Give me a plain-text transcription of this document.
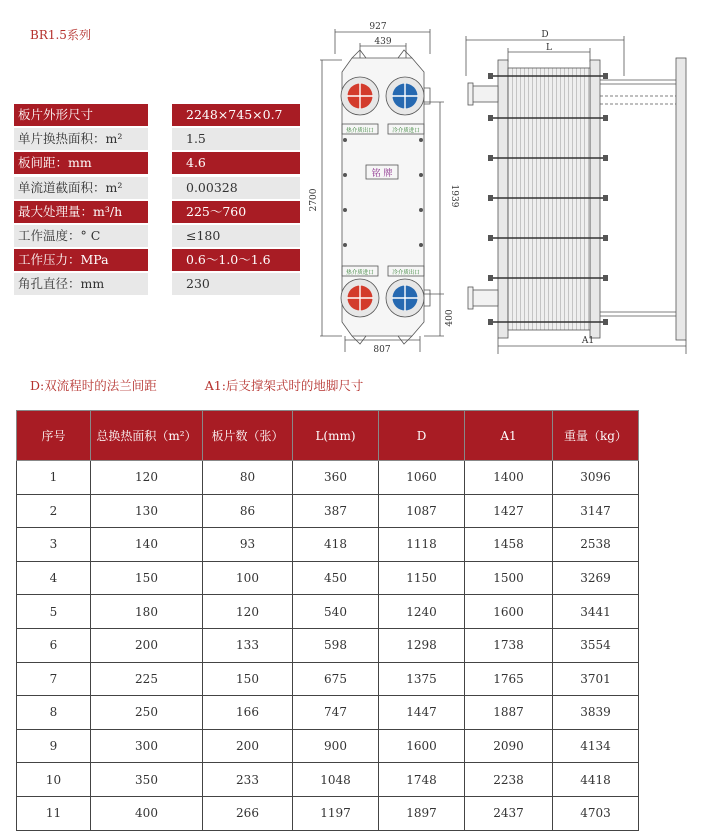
BR1.5系列
板片外形尺寸	2248×745×0.7
单片换热面积：m²	1.5
板间距：mm	4.6
单流道截面积：m²	0.00328
最大处理量：m³/h	225～760
工作温度：° C	≤180
工作压力：MPa	0.6～1.0～1.6
角孔直径：mm	230
927
439
2700	1939
400
807
铭 牌
热介质出口	冷介质进口
热介质进口	冷介质出口
D
L
A1
D:双流程时的法兰间距	A1:后支撑架式时的地脚尺寸
序号	总换热面积（m²）	板片数（张）	L(mm)	D	A1	重量（kg）
1	120	80	360	1060	1400	3096
2	130	86	387	1087	1427	3147
3	140	93	418	1118	1458	2538
4	150	100	450	1150	1500	3269
5	180	120	540	1240	1600	3441
6	200	133	598	1298	1738	3554
7	225	150	675	1375	1765	3701
8	250	166	747	1447	1887	3839
9	300	200	900	1600	2090	4134
10	350	233	1048	1748	2238	4418
11	400	266	1197	1897	2437	4703
